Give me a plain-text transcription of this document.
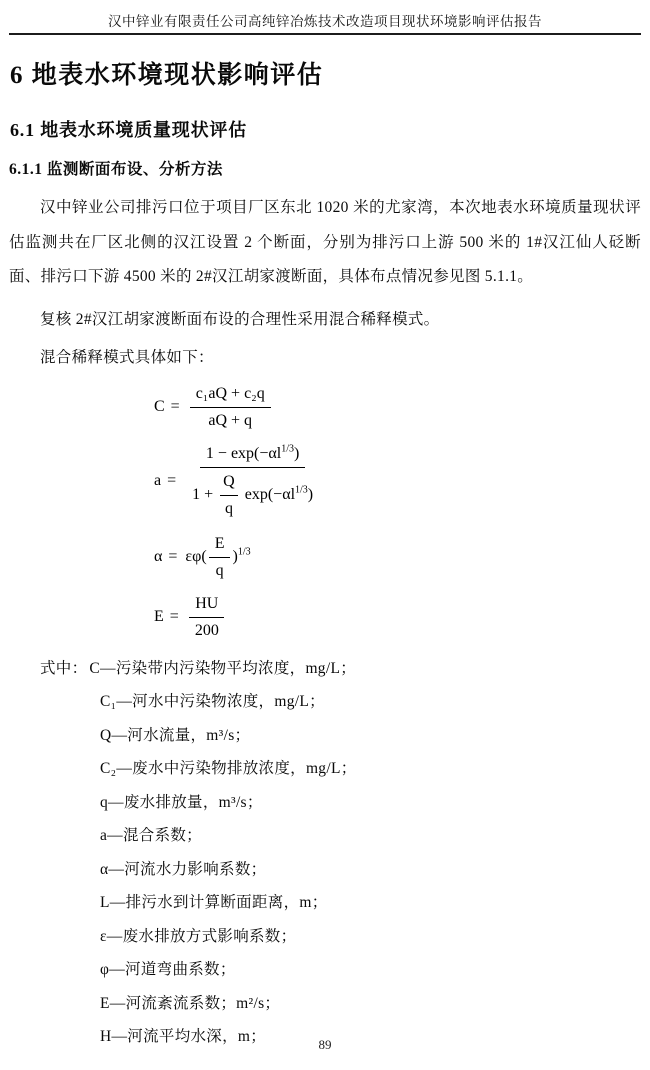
汉中锌业有限责任公司高纯锌冶炼技术改造项目现状环境影响评估报告
6 地表水环境现状影响评估
6.1 地表水环境质量现状评估
6.1.1 监测断面布设、分析方法

汉中锌业公司排污口位于项目厂区东北 1020 米的尤家湾，本次地表水环境质量现状评估监测共在厂区北侧的汉江设置 2 个断面，分别为排污口上游 500 米的 1#汉江仙人砭断面、排污口下游 4500 米的 2#汉江胡家渡断面，具体布点情况参见图 5.1.1。

复核 2#汉江胡家渡断面布设的合理性采用混合稀释模式。

混合稀释模式具体如下：

$C = \frac{\text{c₁aQ + c₂q}}{aQ + q}$
a =
$1 - \exp(-\alpha l^{1/3})$
$1 + \frac{Q}{q} \exp(-\alpha l^{1/3})$
$\alpha = \varepsilon\varphi( \frac{E}{q} )^{1/3}$
$E = \frac{HU}{200}$
式中： C—污染带内污染物平均浓度，mg/L；
C₁—河水中污染物浓度，mg/L；
Q—河水流量，m³/s；
C₂—废水中污染物排放浓度，mg/L；
q—废水排放量，m³/s；
a—混合系数；
α—河流水力影响系数；
L—排污水到计算断面距离，m；
ε—废水排放方式影响系数；
φ—河道弯曲系数；
E—河流紊流系数；m²/s；
H—河流平均水深，m；	89
